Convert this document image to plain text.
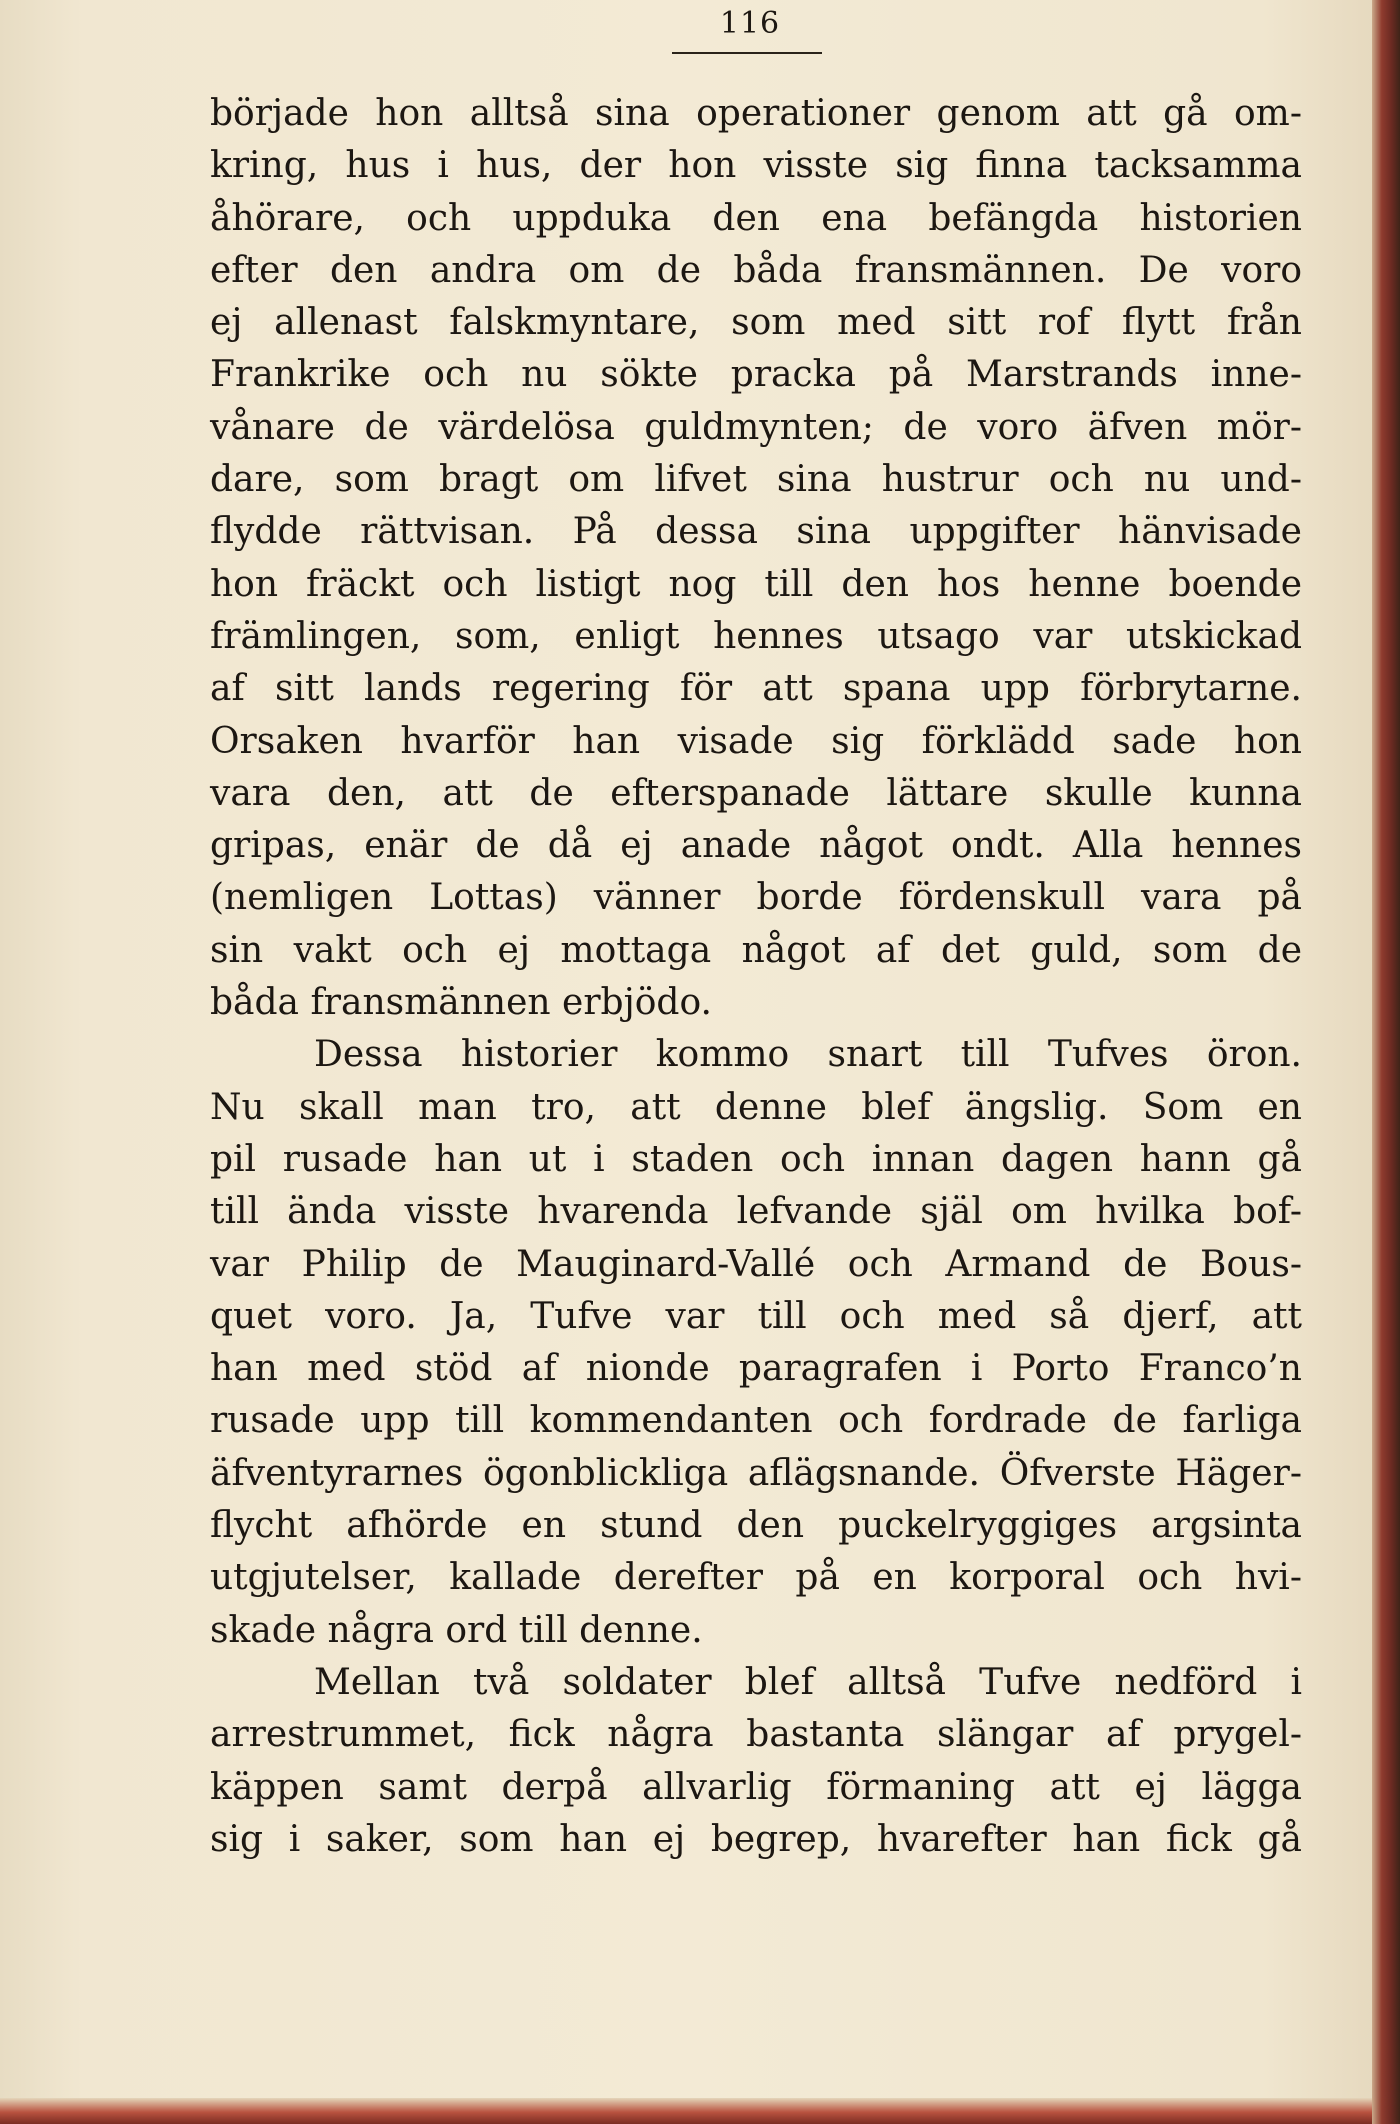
116
började hon alltså sina operationer genom att gå om-
kring, hus i hus, der hon visste sig finna tacksamma
åhörare, och uppduka den ena befängda historien
efter den andra om de båda fransmännen. De voro
ej allenast falskmyntare, som med sitt rof flytt från
Frankrike och nu sökte pracka på Marstrands inne-
vånare de värdelösa guldmynten; de voro äfven mör-
dare, som bragt om lifvet sina hustrur och nu und-
flydde rättvisan. På dessa sina uppgifter hänvisade
hon fräckt och listigt nog till den hos henne boende
främlingen, som, enligt hennes utsago var utskickad
af sitt lands regering för att spana upp förbrytarne.
Orsaken hvarför han visade sig förklädd sade hon
vara den, att de efterspanade lättare skulle kunna
gripas, enär de då ej anade något ondt. Alla hennes
(nemligen Lottas) vänner borde fördenskull vara på
sin vakt och ej mottaga något af det guld, som de
båda fransmännen erbjödo.
Dessa historier kommo snart till Tufves öron.
Nu skall man tro, att denne blef ängslig. Som en
pil rusade han ut i staden och innan dagen hann gå
till ända visste hvarenda lefvande själ om hvilka bof-
var Philip de Mauginard-Vallé och Armand de Bous-
quet voro. Ja, Tufve var till och med så djerf, att
han med stöd af nionde paragrafen i Porto Franco’n
rusade upp till kommendanten och fordrade de farliga
äfventyrarnes ögonblickliga aflägsnande. Öfverste Häger-
flycht afhörde en stund den puckelryggiges argsinta
utgjutelser, kallade derefter på en korporal och hvi-
skade några ord till denne.
Mellan två soldater blef alltså Tufve nedförd i
arrestrummet, fick några bastanta slängar af prygel-
käppen samt derpå allvarlig förmaning att ej lägga
sig i saker, som han ej begrep, hvarefter han fick gå
